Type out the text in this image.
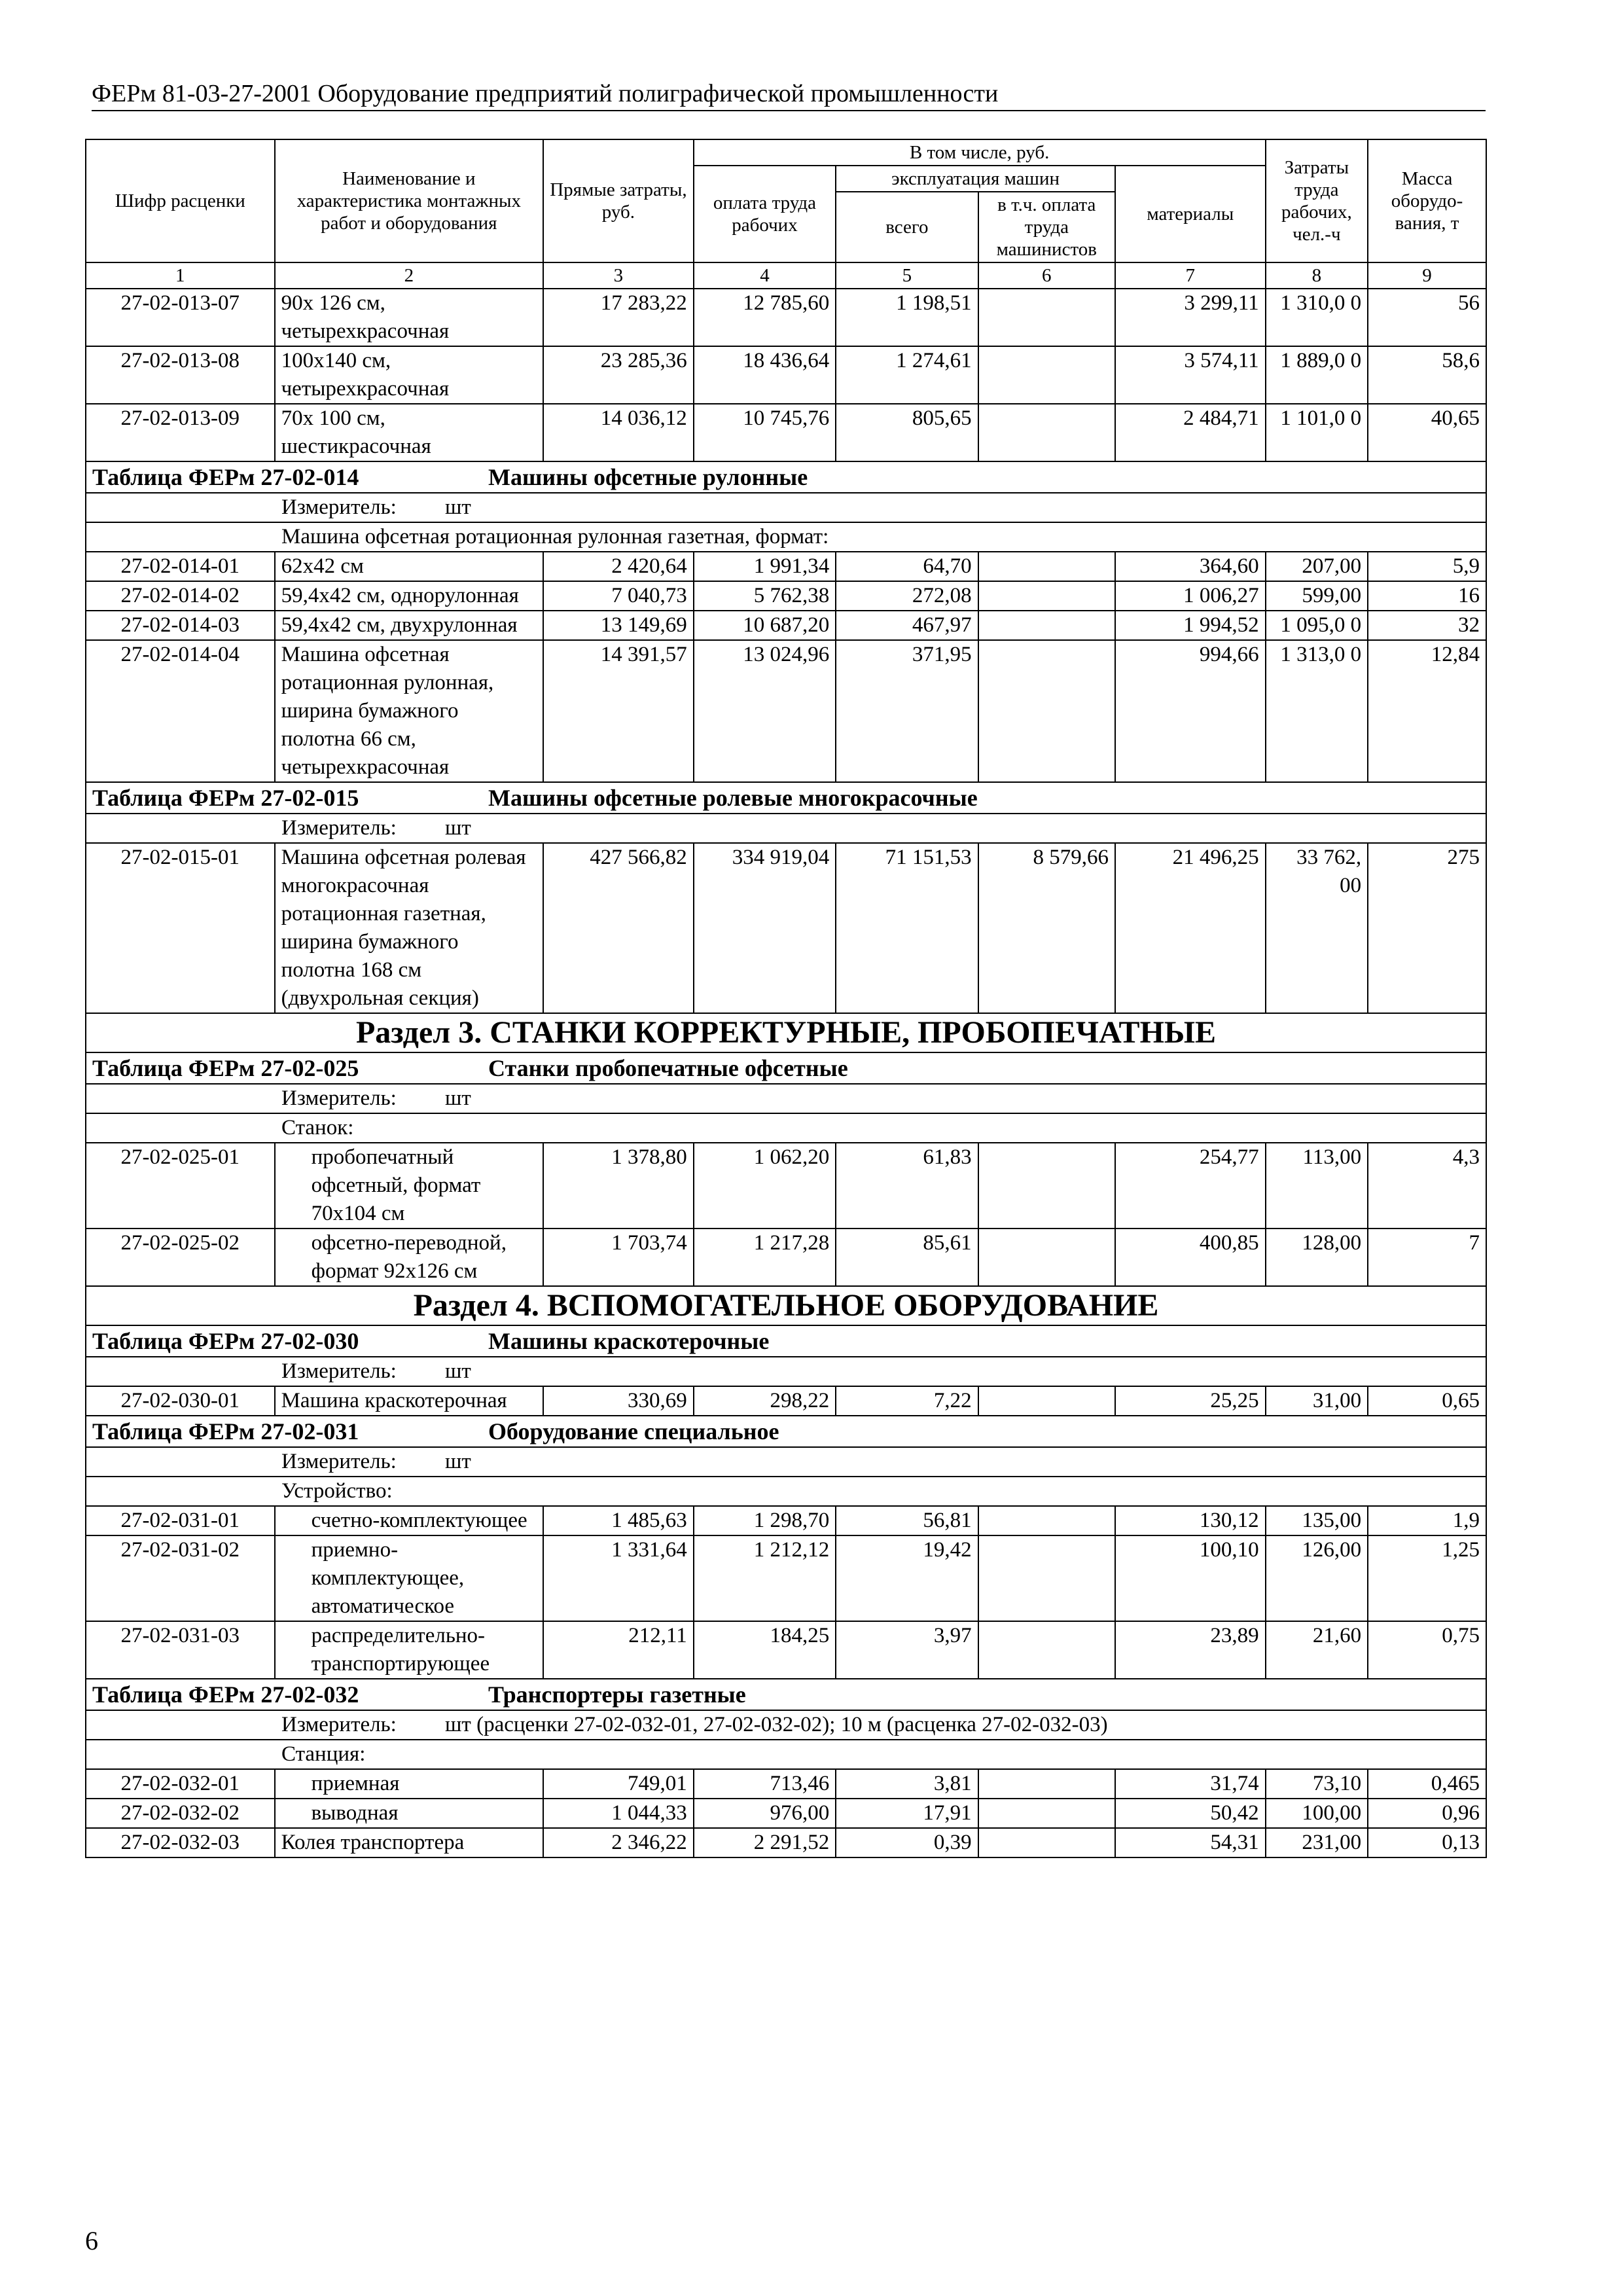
ФЕРм 81-03-27-2001 Оборудование предприятий полиграфической промышленности
Шифр расценки	Наименование и характеристика монтажных работ и оборудования	Прямые затраты, руб.	В том числе, руб.				Затраты труда рабочих, чел.-ч	Масса оборудо-вания, т
			оплата труда рабочих	эксплуатация машин		материалы		
				всего	в т.ч. оплата труда машинистов			
1	2	3	4	5	6	7	8	9
27-02-013-07	90х 126 см, четырехкрасочная	17 283,22	12 785,60	1 198,51		3 299,11	1 310,0 0	56
27-02-013-08	100х140 см, четырехкрасочная	23 285,36	18 436,64	1 274,61		3 574,11	1 889,0 0	58,6
27-02-013-09	70х 100 см, шестикрасочная	14 036,12	10 745,76	805,65		2 484,71	1 101,0 0	40,65
Таблица ФЕРм 27-02-014 Машины офсетные рулонные								
Измеритель: шт								
Машина офсетная ротационная рулонная газетная, формат:								
27-02-014-01	62х42 см	2 420,64	1 991,34	64,70		364,60	207,00	5,9
27-02-014-02	59,4х42 см, однорулонная	7 040,73	5 762,38	272,08		1 006,27	599,00	16
27-02-014-03	59,4х42 см, двухрулонная	13 149,69	10 687,20	467,97		1 994,52	1 095,0 0	32
27-02-014-04	Машина офсетная ротационная рулонная, ширина бумажного полотна 66 см, четырехкрасочная	14 391,57	13 024,96	371,95		994,66	1 313,0 0	12,84
Таблица ФЕРм 27-02-015 Машины офсетные ролевые многокрасочные								
Измеритель: шт								
27-02-015-01	Машина офсетная ролевая многокрасочная ротационная газетная, ширина бумажного полотна 168 см (двухрольная секция)	427 566,82	334 919,04	71 151,53	8 579,66	21 496,25	33 762, 00	275
Раздел 3. СТАНКИ КОРРЕКТУРНЫЕ, ПРОБОПЕЧАТНЫЕ								
Таблица ФЕРм 27-02-025 Станки пробопечатные офсетные								
Измеритель: шт								
Станок:								
27-02-025-01	пробопечатный офсетный, формат 70х104 см	1 378,80	1 062,20	61,83		254,77	113,00	4,3
27-02-025-02	офсетно-переводной, формат 92х126 см	1 703,74	1 217,28	85,61		400,85	128,00	7
Раздел 4. ВСПОМОГАТЕЛЬНОЕ ОБОРУДОВАНИЕ								
Таблица ФЕРм 27-02-030 Машины краскотерочные								
Измеритель: шт								
27-02-030-01	Машина краскотерочная	330,69	298,22	7,22		25,25	31,00	0,65
Таблица ФЕРм 27-02-031 Оборудование специальное								
Измеритель: шт								
Устройство:								
27-02-031-01	счетно-комплектующее	1 485,63	1 298,70	56,81		130,12	135,00	1,9
27-02-031-02	приемно-комплектующее, автоматическое	1 331,64	1 212,12	19,42		100,10	126,00	1,25
27-02-031-03	распределительно-транспортирующее	212,11	184,25	3,97		23,89	21,60	0,75
Таблица ФЕРм 27-02-032 Транспортеры газетные								
Измеритель: шт (расценки 27-02-032-01, 27-02-032-02); 10 м (расценка 27-02-032-03)								
Станция:								
27-02-032-01	приемная	749,01	713,46	3,81		31,74	73,10	0,465
27-02-032-02	выводная	1 044,33	976,00	17,91		50,42	100,00	0,96
27-02-032-03	Колея транспортера	2 346,22	2 291,52	0,39		54,31	231,00	0,13
6
